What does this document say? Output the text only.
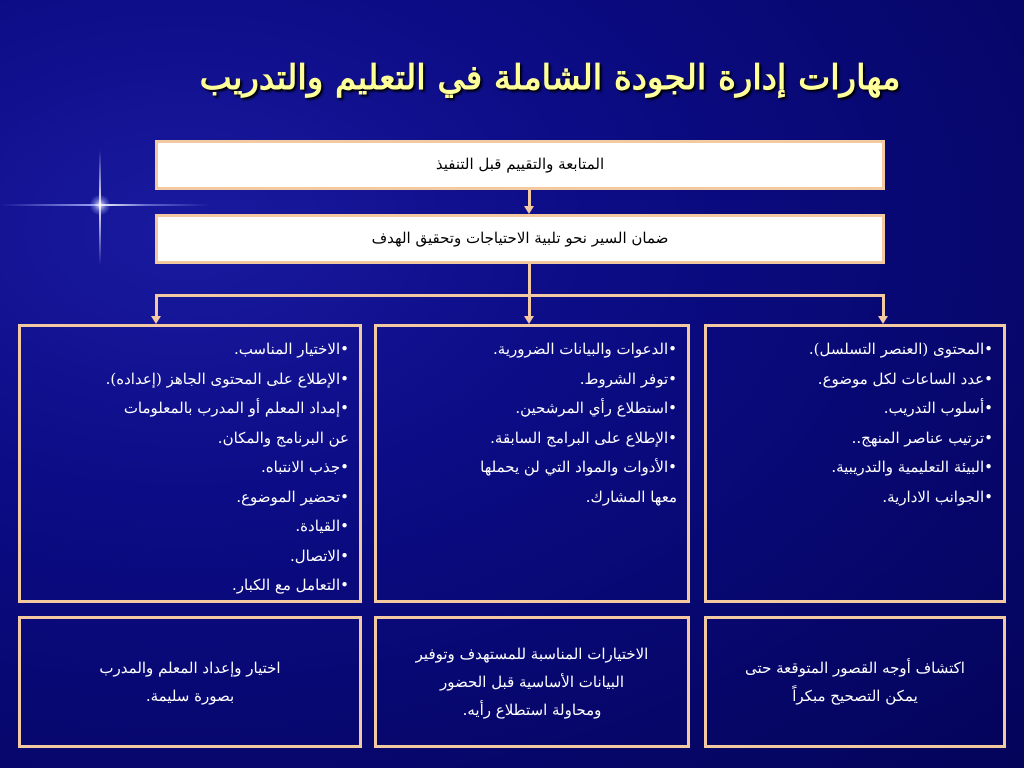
مهارات إدارة الجودة الشاملة في التعليم والتدريب
المتابعة والتقييم قبل التنفيذ
ضمان السير نحو تلبية الاحتياجات وتحقيق الهدف
•المحتوى (العنصر التسلسل).
•عدد الساعات لكل موضوع.
•أسلوب التدريب.
•ترتيب عناصر المنهج..
•البيئة التعليمية والتدريبية.
•الجوانب الادارية.
•الدعوات والبيانات الضرورية.
•توفر الشروط.
•استطلاع رأي المرشحين.
•الإطلاع على البرامج السابقة.
•الأدوات والمواد التي لن يحملها
معها المشارك.
•الاختيار المناسب.
•الإطلاع على المحتوى الجاهز (إعداده).
•إمداد المعلم أو المدرب بالمعلومات
عن البرنامج والمكان.
•جذب الانتباه.
•تحضير الموضوع.
•القيادة.
•الاتصال.
•التعامل مع الكبار.
اكتشاف أوجه القصور المتوقعة حتى
يمكن التصحيح مبكراًَ
الاختيارات المناسبة للمستهدف وتوفير
البيانات الأساسية قبل الحضور
ومحاولة استطلاع رأيه.
اختيار وإعداد المعلم والمدرب
بصورة سليمة.
